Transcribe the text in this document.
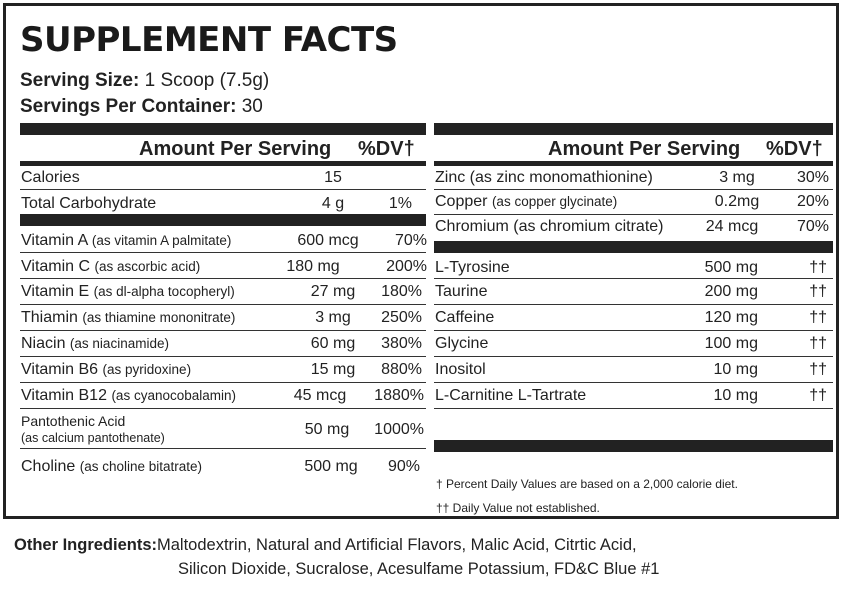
SUPPLEMENT FACTS
Serving Size: 1 Scoop (7.5g)
Servings Per Container: 30
Amount Per Serving %DV†
Calories	15
Total Carbohydrate	4 g	1%
Vitamin A (as vitamin A palmitate)	600 mcg	70%
Vitamin C (as ascorbic acid)	180 mg	200%
Vitamin E (as dl-alpha tocopheryl)	27 mg	180%
Thiamin (as thiamine mononitrate)	3 mg	250%
Niacin (as niacinamide)	60 mg	380%
Vitamin B6 (as pyridoxine)	15 mg	880%
Vitamin B12 (as cyanocobalamin)	45 mcg	1880%
Pantothenic Acid
(as calcium pantothenate)	50 mg	1000%
Choline (as choline bitatrate)	500 mg	90%
Amount Per Serving %DV†
Zinc (as zinc monomathionine)	3 mg	30%
Copper (as copper glycinate)	0.2mg	20%
Chromium (as chromium citrate)	24 mcg	70%
L-Tyrosine	500 mg	††
Taurine	200 mg	††
Caffeine	120 mg	††
Glycine	100 mg	††
Inositol	10 mg	††
L-Carnitine L-Tartrate	10 mg	††
† Percent Daily Values are based on a 2,000 calorie diet.
†† Daily Value not established.
Other Ingredients:Maltodextrin, Natural and Artificial Flavors, Malic Acid, Citrtic Acid,
Silicon Dioxide, Sucralose, Acesulfame Potassium, FD&C Blue #1
